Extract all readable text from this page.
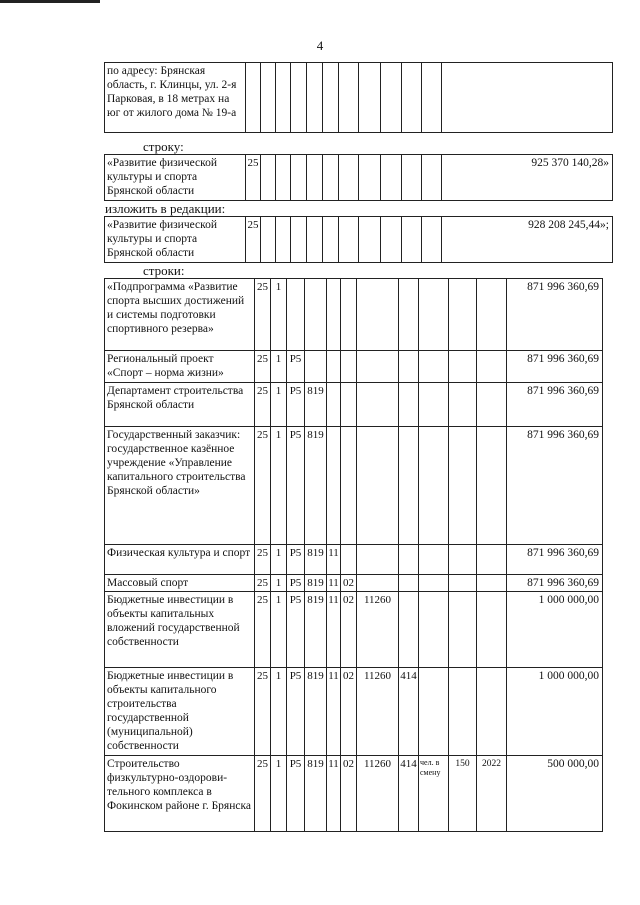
4
по адресу: Брянская область, г. Клинцы, ул. 2-я Парковая, в 18 метрах на юг от жилого дома № 19-а												
строку:
«Развитие физической культуры и спорта Брянской области	25											925 370 140,28»
изложить в редакции:
«Развитие физической культуры и спорта Брянской области	25											928 208 245,44»;
строки:
«Подпрограмма «Развитие спорта высших достижений и системы подготовки спортивного резерва»	25	1										871 996 360,69
Региональный проект «Спорт – норма жизни»	25	1	P5									871 996 360,69
Департамент строительства Брянской области	25	1	P5	819								871 996 360,69
Государственный заказчик: государственное казённое учреждение «Управление капитального строительства Брянской области»	25	1	P5	819								871 996 360,69
Физическая культура и спорт	25	1	P5	819	11							871 996 360,69
Массовый спорт	25	1	P5	819	11	02						871 996 360,69
Бюджетные инвестиции в объекты капитальных вложений государственной собственности	25	1	P5	819	11	02	11260					1 000 000,00
Бюджетные инвестиции в объекты капитального строительства государственной (муниципальной) собственности	25	1	P5	819	11	02	11260	414				1 000 000,00
Строительство физкультурно-оздорови-тельного комплекса в Фокинском районе г. Брянска	25	1	P5	819	11	02	11260	414	чел. в смену	150	2022	500 000,00
